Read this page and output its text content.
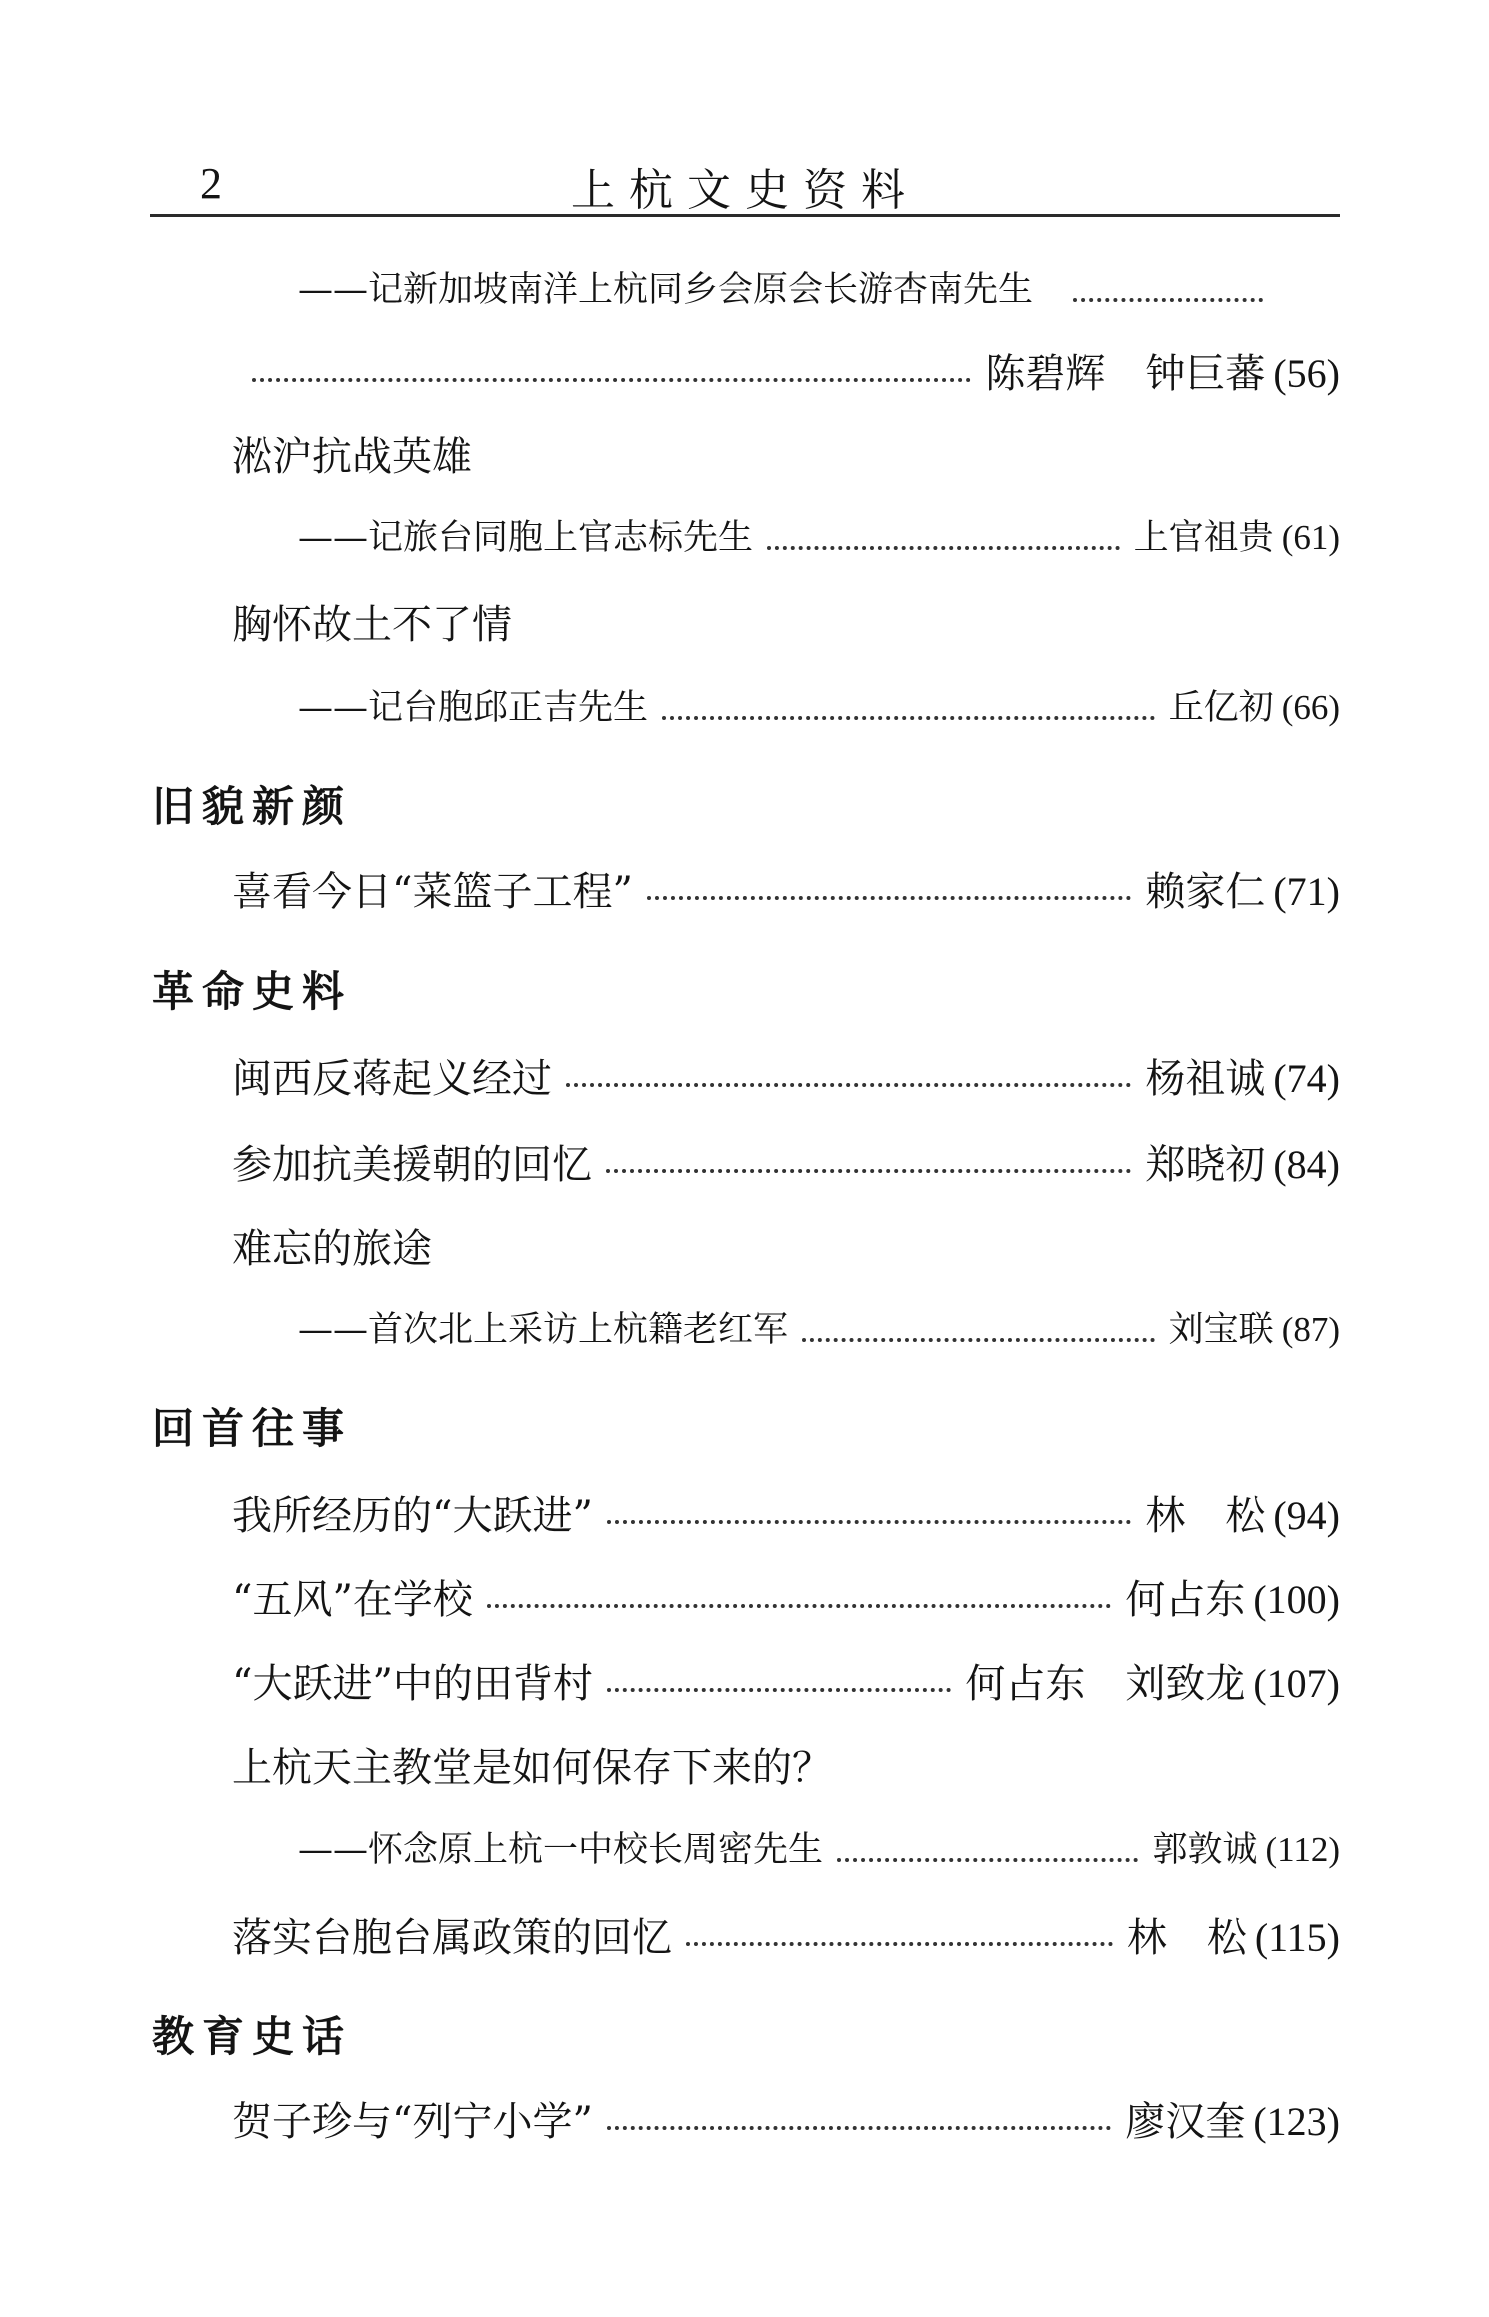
2	上杭文史资料
——记新加坡南洋上杭同乡会原会长游杏南先生
陈碧辉　钟巨蕃 (56)
淞沪抗战英雄
——记旅台同胞上官志标先生	上官祖贵 (61)
胸怀故土不了情
——记台胞邱正吉先生	丘亿初 (66)
旧貌新颜
喜看今日“菜篮子工程”	赖家仁 (71)
革命史料
闽西反蒋起义经过	杨祖诚 (74)
参加抗美援朝的回忆	郑晓初 (84)
难忘的旅途
——首次北上采访上杭籍老红军	刘宝联 (87)
回首往事
我所经历的“大跃进”	林　松 (94)
“五风”在学校	何占东 (100)
“大跃进”中的田背村	何占东　刘致龙 (107)
上杭天主教堂是如何保存下来的？
——怀念原上杭一中校长周密先生	郭敦诚 (112)
落实台胞台属政策的回忆	林　松 (115)
教育史话
贺子珍与“列宁小学”	廖汉奎 (123)
